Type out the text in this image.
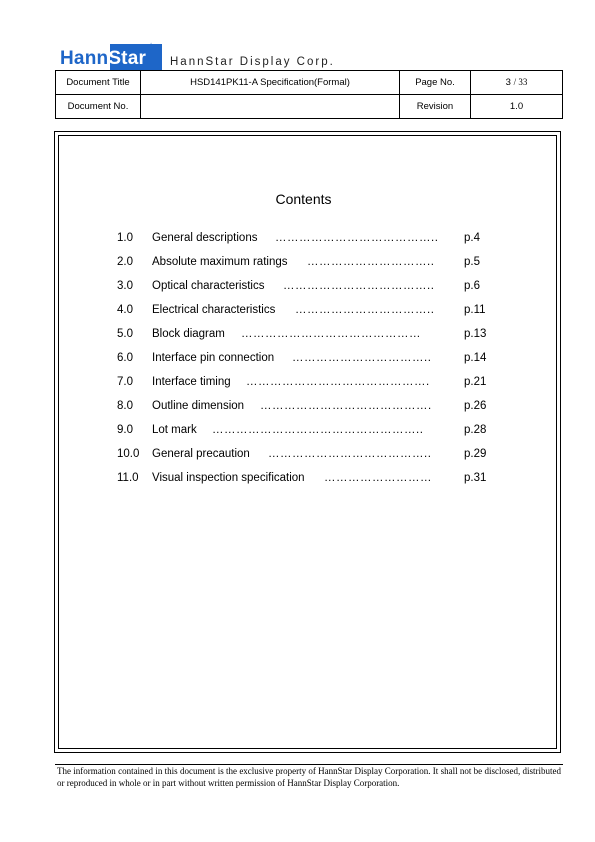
HannStar
✦
HannStar Display Corp.
Document Title	HSD141PK11-A Specification(Formal)	Page No.	3 / 33
Document No.		Revision	1.0
Contents
1.0 General descriptions ………………………………….. p.4
2.0 Absolute maximum ratings …………………………..	p.5
3.0 Optical characteristics ………………………………..	p.6
4.0 Electrical characteristics ……………………………..	p.11
5.0 Block diagram ………………………………………	p.13
6.0 Interface pin connection ……………………………..	p.14
7.0 Interface timing ……………………………………….	p.21
8.0 Outline dimension …………………………………….	p.26
9.0 Lot mark ……………………………………………..	p.28
10.0 General precaution …………………………………..	p.29
11.0 Visual inspection specification ………………………	p.31
The information contained in this document is the exclusive property of HannStar Display Corporation. It shall not be disclosed, distributed or reproduced in whole or in part without written permission of HannStar Display Corporation.
